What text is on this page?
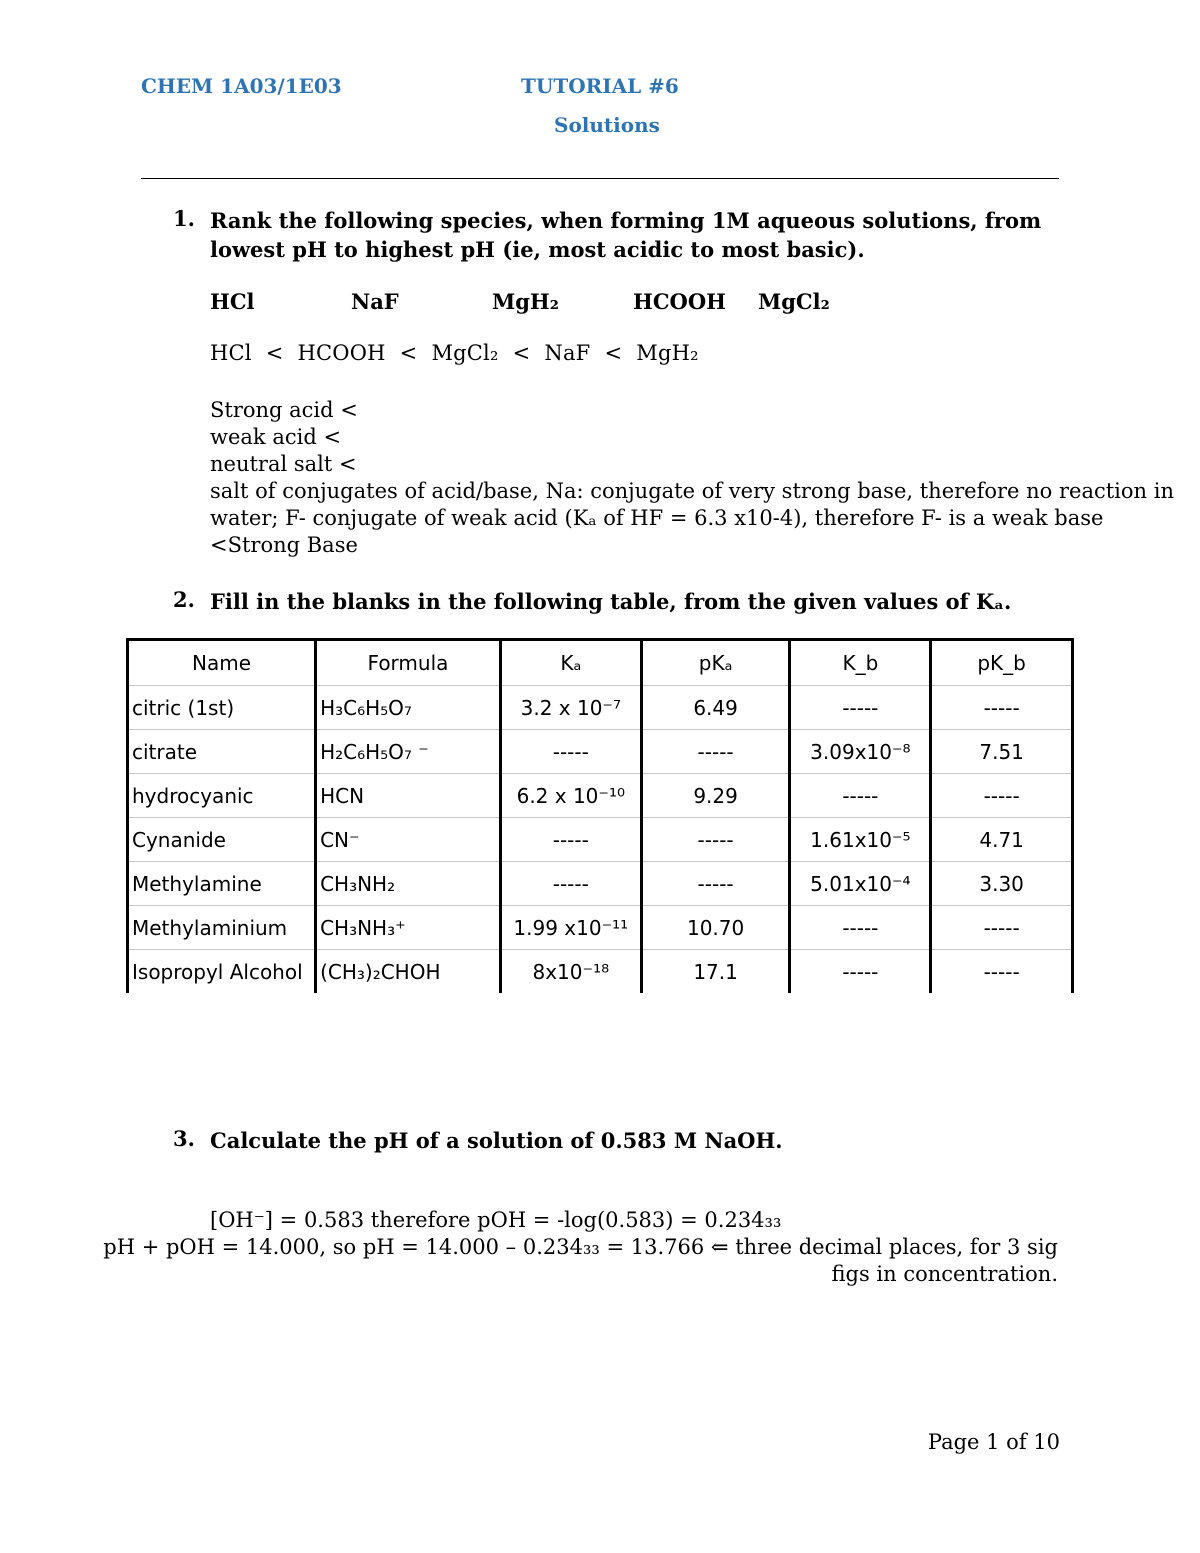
CHEM 1A03/1E03	TUTORIAL #6
Solutions
1. Rank the following species, when forming 1M aqueous solutions, from lowest pH to highest pH (ie, most acidic to most basic).
HCl	NaF	MgH₂	HCOOH MgCl₂
HCl < HCOOH < MgCl₂ < NaF < MgH₂
Strong acid <
weak acid <
neutral salt <
salt of conjugates of acid/base, Na: conjugate of very strong base, therefore no reaction in
water; F- conjugate of weak acid (Kₐ of HF = 6.3 x10-4), therefore F- is a weak base
<Strong Base
2. Fill in the blanks in the following table, from the given values of Kₐ.
Name	Formula	Kₐ	pKₐ	K_b	pK_b
citric (1st)	H₃C₆H₅O₇	3.2 x 10⁻⁷	6.49	-----	-----
citrate	H₂C₆H₅O₇ ⁻	-----	-----	3.09x10⁻⁸	7.51
hydrocyanic	HCN	6.2 x 10⁻¹⁰	9.29	-----	-----
Cynanide	CN⁻	-----	-----	1.61x10⁻⁵	4.71
Methylamine	CH₃NH₂	-----	-----	5.01x10⁻⁴	3.30
Methylaminium	CH₃NH₃⁺	1.99 x10⁻¹¹	10.70	-----	-----
Isopropyl Alcohol	(CH₃)₂CHOH	8x10⁻¹⁸	17.1	-----	-----
3. Calculate the pH of a solution of 0.583 M NaOH.
[OH⁻] = 0.583 therefore pOH = -log(0.583) = 0.234₃₃
pH + pOH = 14.000, so pH = 14.000 – 0.234₃₃ = 13.766 ⇐ three decimal places, for 3 sig
figs in concentration.
Page 1 of 10
